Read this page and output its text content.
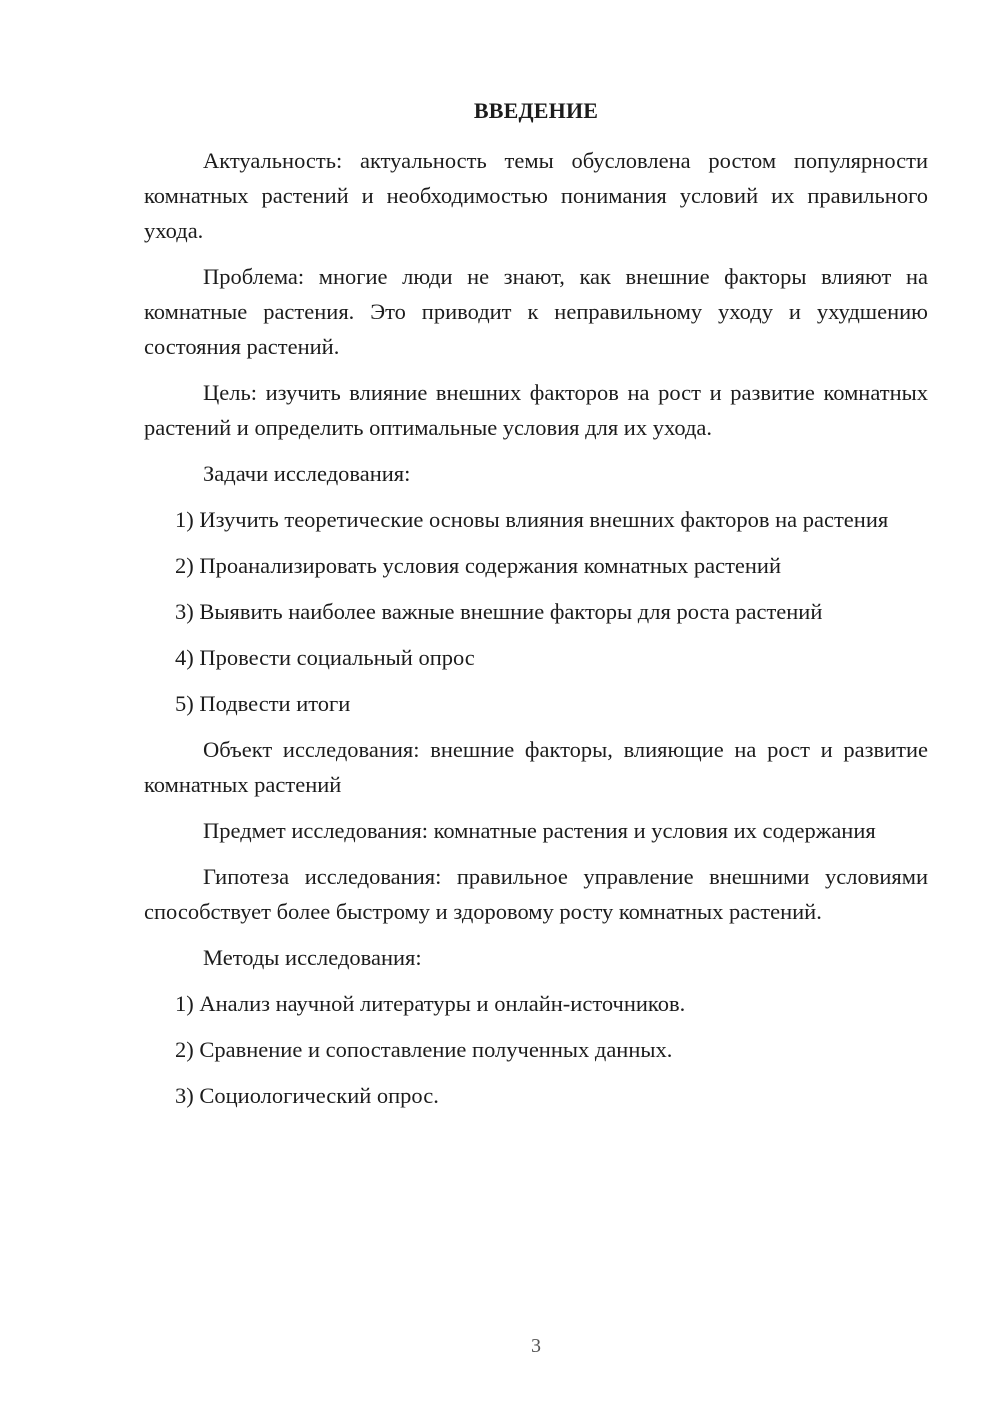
ВВЕДЕНИЕ

Актуальность: актуальность темы обусловлена ростом популярности комнатных растений и необходимостью понимания условий их правильного ухода.

Проблема: многие люди не знают, как внешние факторы влияют на комнатные растения. Это приводит к неправильному уходу и ухудшению состояния растений.

Цель: изучить влияние внешних факторов на рост и развитие комнатных растений и определить оптимальные условия для их ухода.

Задачи исследования:

1) Изучить теоретические основы влияния внешних факторов на растения

2) Проанализировать условия содержания комнатных растений

3) Выявить наиболее важные внешние факторы для роста растений

4) Провести социальный опрос

5) Подвести итоги

Объект исследования: внешние факторы, влияющие на рост и развитие комнатных растений

Предмет исследования: комнатные растения и условия их содержания

Гипотеза исследования: правильное управление внешними условиями способствует более быстрому и здоровому росту комнатных растений.

Методы исследования:

1) Анализ научной литературы и онлайн-источников.

2) Сравнение и сопоставление полученных данных.

3) Социологический опрос.

3
